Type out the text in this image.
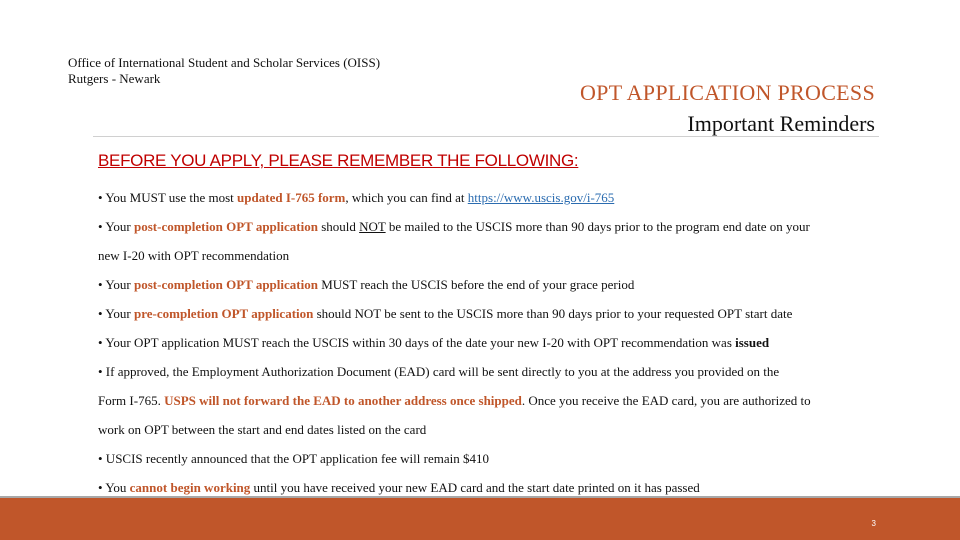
Office of International Student and Scholar Services (OISS)
Rutgers - Newark
OPT APPLICATION PROCESS
Important Reminders
BEFORE YOU APPLY, PLEASE REMEMBER THE FOLLOWING:

• You MUST use the most updated I-765 form, which you can find at https://www.uscis.gov/i-765

• Your post-completion OPT application should NOT be mailed to the USCIS more than 90 days prior to the program end date on your
new I-20 with OPT recommendation

• Your post-completion OPT application MUST reach the USCIS before the end of your grace period

• Your pre-completion OPT application should NOT be sent to the USCIS more than 90 days prior to your requested OPT start date

• Your OPT application MUST reach the USCIS within 30 days of the date your new I-20 with OPT recommendation was issued

• If approved, the Employment Authorization Document (EAD) card will be sent directly to you at the address you provided on the
Form I-765. USPS will not forward the EAD to another address once shipped. Once you receive the EAD card, you are authorized to
work on OPT between the start and end dates listed on the card

• USCIS recently announced that the OPT application fee will remain $410

• You cannot begin working until you have received your new EAD card and the start date printed on it has passed

3
